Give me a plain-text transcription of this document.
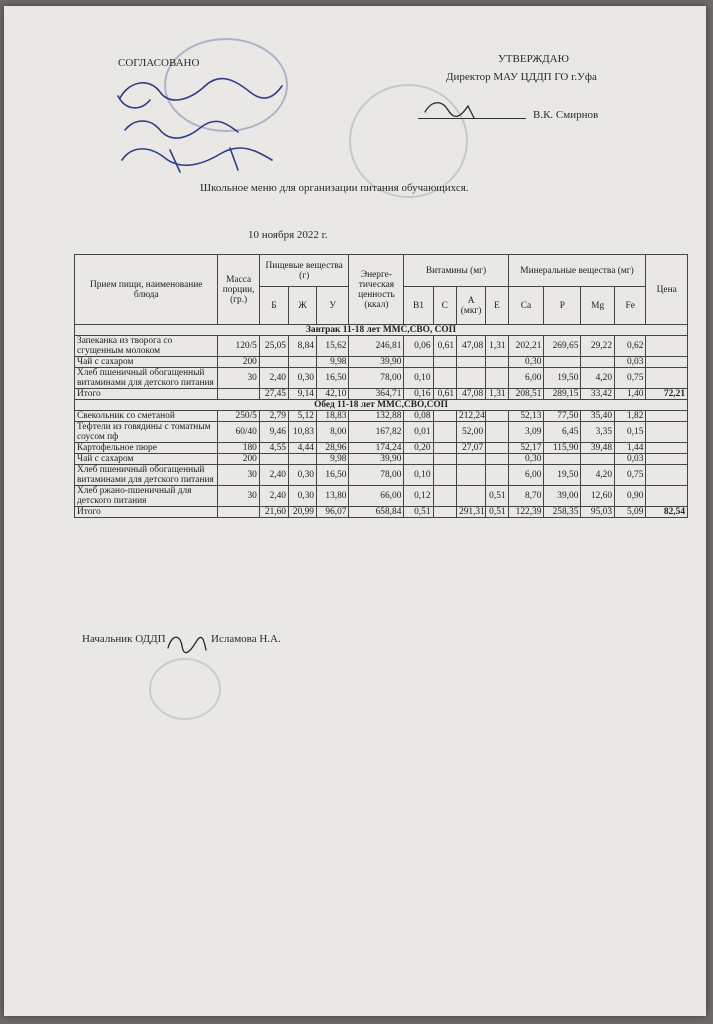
СОГЛАСОВАНО	УТВЕРЖДАЮ
Директор МАУ ЦДДП ГО г.Уфа
В.К. Смирнов
Школьное меню для организации питания обучающихся.
10 ноября 2022 г.
Прием пищи, наименование блюда	Масса порции, (гр.)	Пищевые вещества (г)			Энерге-тическая ценность (ккал)	Витамины (мг)				Минеральные вещества (мг)				Цена
		Б	Ж	У		В1	С	А (мкг)	Е	Са	Р	Mg	Fe	
Завтрак 11-18 лет ММС,СВО, СОП														
Запеканка из творога со сгущенным молоком	120/5	25,05	8,84	15,62	246,81	0,06	0,61	47,08	1,31	202,21	269,65	29,22	0,62	
Чай с сахаром	200			9,98	39,90					0,30			0,03	
Хлеб пшеничный обогащенный витаминами для детского питания	30	2,40	0,30	16,50	78,00	0,10				6,00	19,50	4,20	0,75	
Итого		27,45	9,14	42,10	364,71	0,16	0,61	47,08	1,31	208,51	289,15	33,42	1,40	72,21
Обед 11-18 лет ММС,СВО,СОП														
Свекольник со сметаной	250/5	2,79	5,12	18,83	132,88	0,08		212,24		52,13	77,50	35,40	1,82	
Тефтели из говядины с томатным соусом пф	60/40	9,46	10,83	8,00	167,82	0,01		52,00		3,09	6,45	3,35	0,15	
Картофельное пюре	180	4,55	4,44	28,96	174,24	0,20		27,07		52,17	115,90	39,48	1,44	
Чай с сахаром	200			9,98	39,90					0,30			0,03	
Хлеб пшеничный обогащенный витаминами для детского питания	30	2,40	0,30	16,50	78,00	0,10				6,00	19,50	4,20	0,75	
Хлеб ржано-пшеничный для детского питания	30	2,40	0,30	13,80	66,00	0,12			0,51	8,70	39,00	12,60	0,90	
Итого		21,60	20,99	96,07	658,84	0,51		291,31	0,51	122,39	258,35	95,03	5,09	82,54
Начальник ОДДП	Исламова Н.А.
